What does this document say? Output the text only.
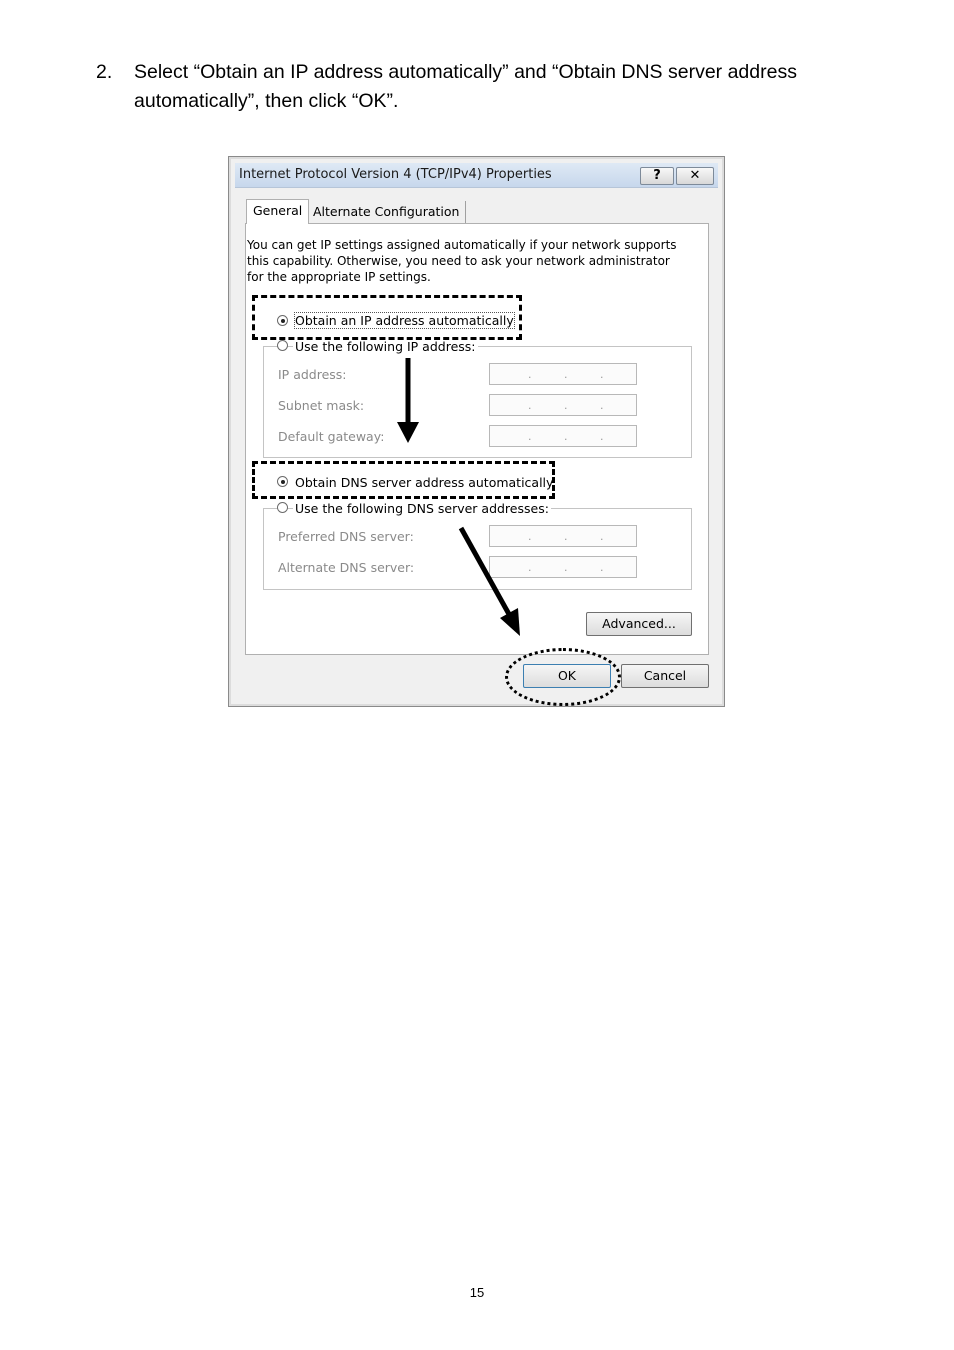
2. Select “Obtain an IP address automatically” and “Obtain DNS server address automatically”, then click “OK”.
Internet Protocol Version 4 (TCP/IPv4) Properties	?	✕
General Alternate Configuration
You can get IP settings assigned automatically if your network supports this capability. Otherwise, you need to ask your network administrator for the appropriate IP settings.
Obtain an IP address automatically
Use the following IP address:
IP address:	.	.	.
Subnet mask:	.	.	.
Default gateway:	.	.	.
Obtain DNS server address automatically
Use the following DNS server addresses:
Preferred DNS server:	.	.	.
Alternate DNS server:	.	.	.
Advanced...
OK	Cancel
15
